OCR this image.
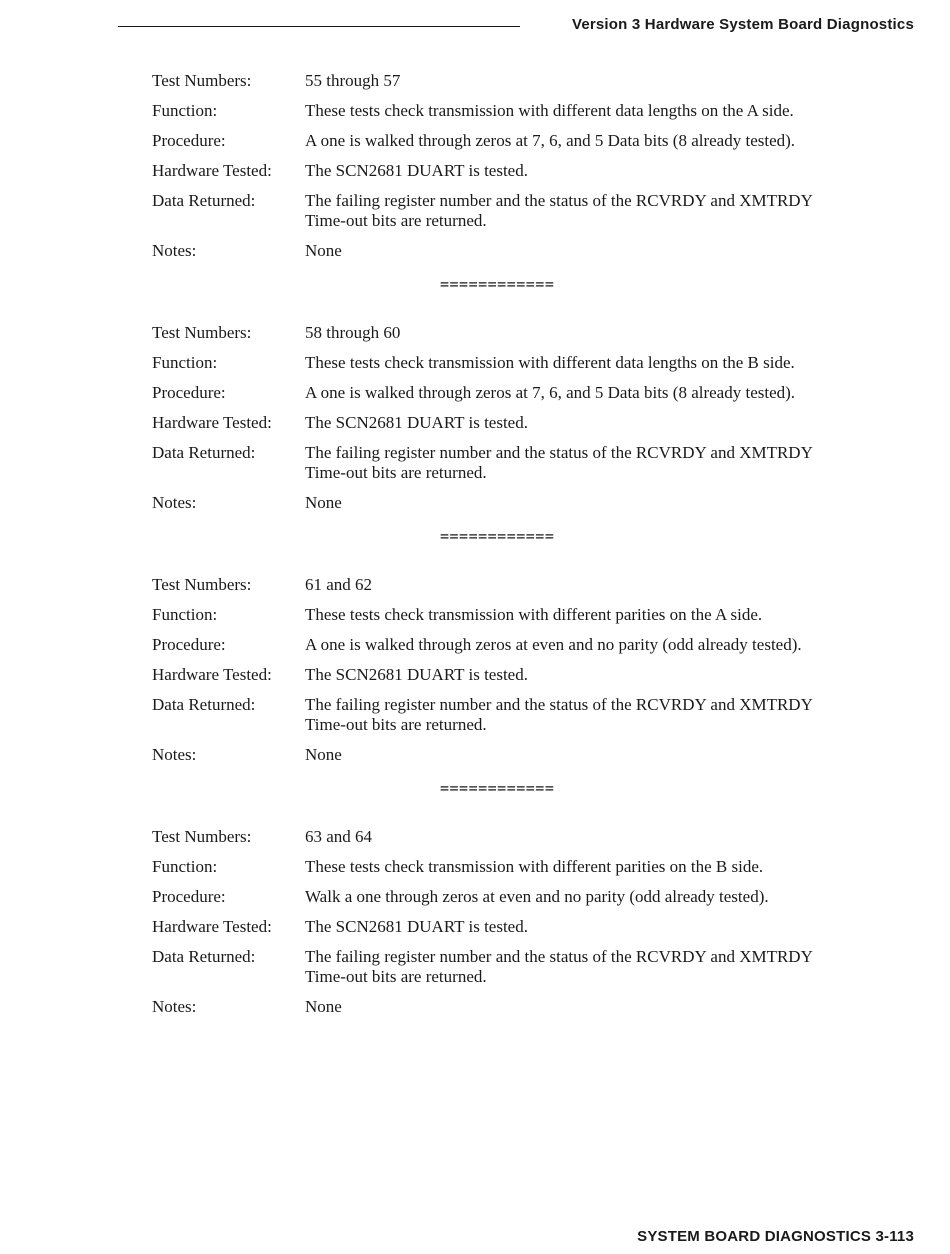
Version 3 Hardware System Board Diagnostics
Test Numbers:	55 through 57
Function:	These tests check transmission with different data lengths on the A side.
Procedure:	A one is walked through zeros at 7, 6, and 5 Data bits (8 already tested).
Hardware Tested:	The SCN2681 DUART is tested.
Data Returned:	The failing register number and the status of the RCVRDY and XMTRDY
Time-out bits are returned.
Notes:	None
============
Test Numbers:	58 through 60
Function:	These tests check transmission with different data lengths on the B side.
Procedure:	A one is walked through zeros at 7, 6, and 5 Data bits (8 already tested).
Hardware Tested:	The SCN2681 DUART is tested.
Data Returned:	The failing register number and the status of the RCVRDY and XMTRDY
Time-out bits are returned.
Notes:	None
============
Test Numbers:	61 and 62
Function:	These tests check transmission with different parities on the A side.
Procedure:	A one is walked through zeros at even and no parity (odd already tested).
Hardware Tested:	The SCN2681 DUART is tested.
Data Returned:	The failing register number and the status of the RCVRDY and XMTRDY
Time-out bits are returned.
Notes:	None
============
Test Numbers:	63 and 64
Function:	These tests check transmission with different parities on the B side.
Procedure:	Walk a one through zeros at even and no parity (odd already tested).
Hardware Tested:	The SCN2681 DUART is tested.
Data Returned:	The failing register number and the status of the RCVRDY and XMTRDY
Time-out bits are returned.
Notes:	None
SYSTEM BOARD DIAGNOSTICS 3-113
